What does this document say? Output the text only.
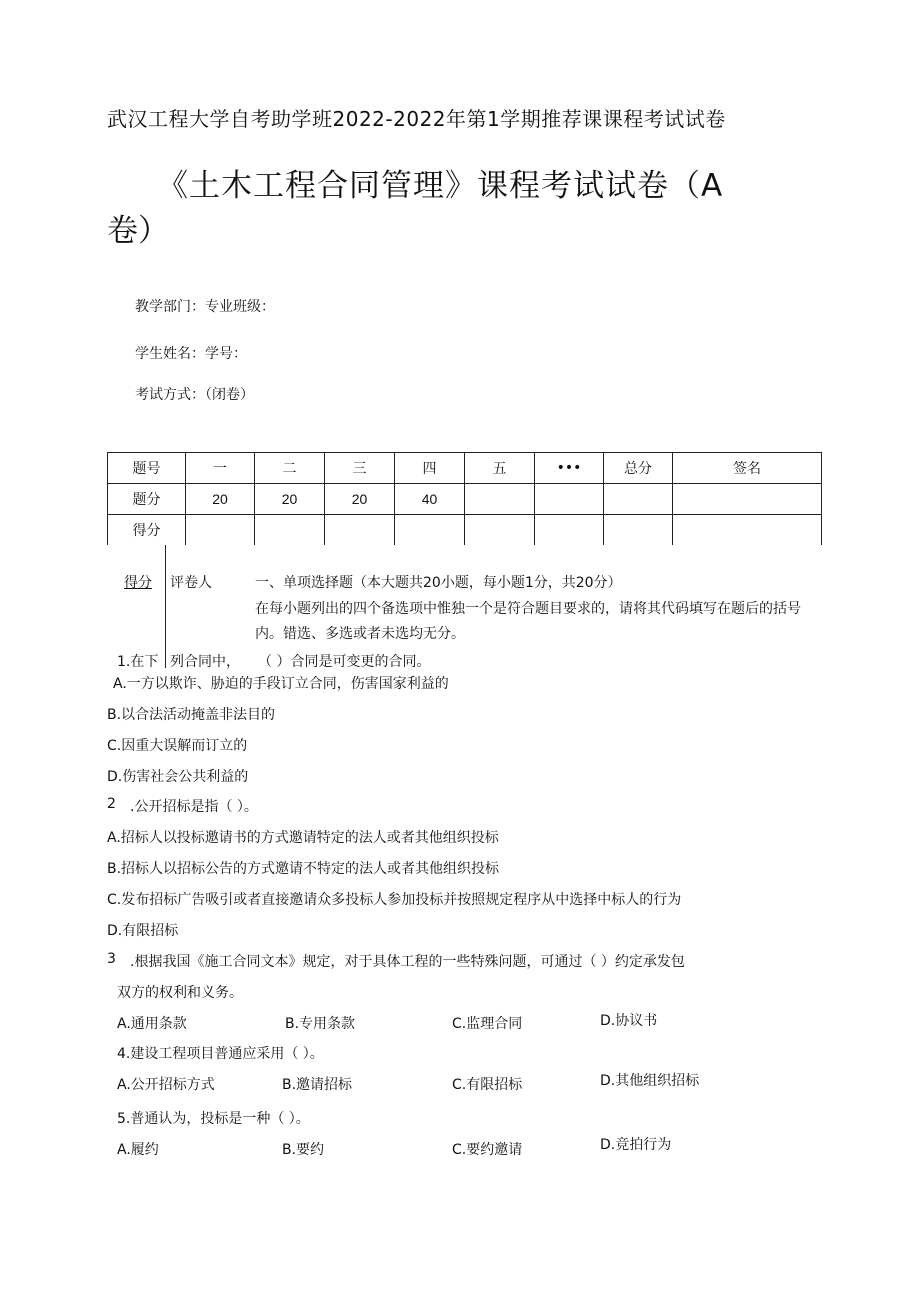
武汉工程大学自考助学班2022-2022年第1学期推荐课课程考试试卷
《土木工程合同管理》课程考试试卷（A
卷）
教学部门：专业班级：
学生姓名：学号：
考试方式：（闭卷）
题号	一	二	三	四	五	•••	总分	签名
题分	20	20	20	40				
得分								
得分 评卷人	一、单项选择题（本大题共20小题，每小题1分，共20分）
在每小题列出的四个备选项中惟独一个是符合题目要求的，请将其代码填写在题后的括号内。错选、多选或者未选均无分。
1.在下 列合同中， （ ）合同是可变更的合同。
A.一方以欺诈、胁迫的手段订立合同，伤害国家利益的
B.以合法活动掩盖非法目的
C.因重大误解而订立的
D.伤害社会公共利益的
2 .公开招标是指（ ）。
A.招标人以投标邀请书的方式邀请特定的法人或者其他组织投标
B.招标人以招标公告的方式邀请不特定的法人或者其他组织投标
C.发布招标广告吸引或者直接邀请众多投标人参加投标并按照规定程序从中选择中标人的行为
D.有限招标
3 .根据我国《施工合同文本》规定，对于具体工程的一些特殊问题，可通过（ ）约定承发包
双方的权利和义务。
A.通用条款	B.专用条款	C.监理合同	D.协议书
4.建设工程项目普通应采用（ ）。
A.公开招标方式	B.邀请招标	C.有限招标	D.其他组织招标
5.普通认为，投标是一种（ ）。
A.履约	B.要约	C.要约邀请	D.竞拍行为
